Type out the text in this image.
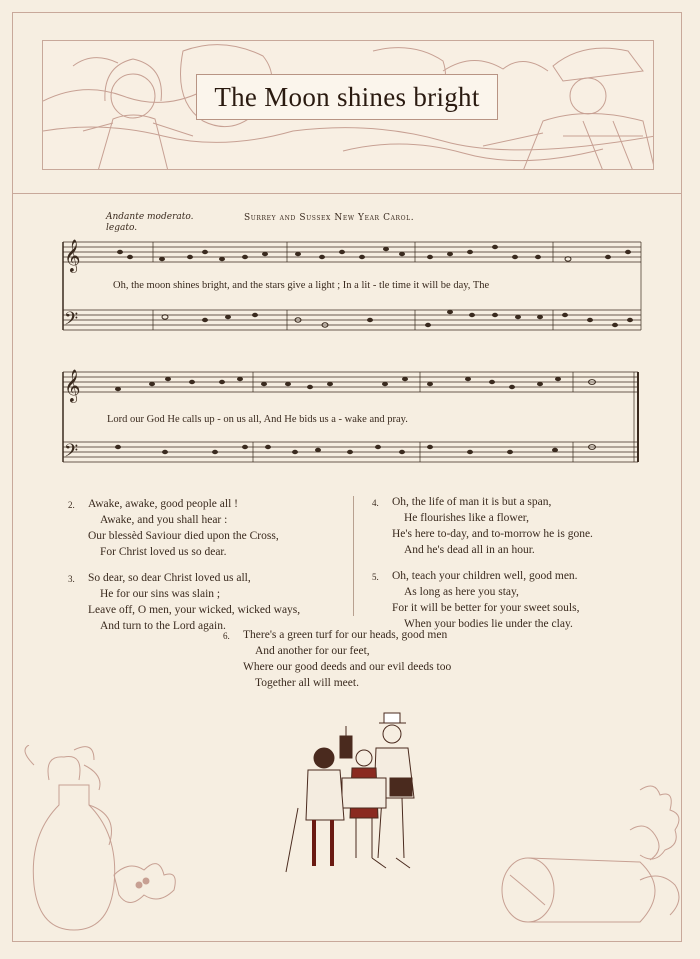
The Moon shines bright
Andante moderato.
legato.
Surrey and Sussex New Year Carol.
𝄞
𝄢
Oh, the moon shines bright, and the stars give a light ; In a lit - tle time it will be day, The
𝄞
𝄢
Lord our God He calls up - on us all, And He bids us a - wake and pray.
2. Awake, awake, good people all !
Awake, and you shall hear :
Our blessèd Saviour died upon the Cross,
For Christ loved us so dear.
3. So dear, so dear Christ loved us all,
He for our sins was slain ;
Leave off, O men, your wicked, wicked ways,
And turn to the Lord again.
4. Oh, the life of man it is but a span,
He flourishes like a flower,
He's here to-day, and to-morrow he is gone.
And he's dead all in an hour.
5. Oh, teach your children well, good men.
As long as here you stay,
For it will be better for your sweet souls,
When your bodies lie under the clay.
6. There's a green turf for our heads, good men
And another for our feet,
Where our good deeds and our evil deeds too
Together all will meet.
